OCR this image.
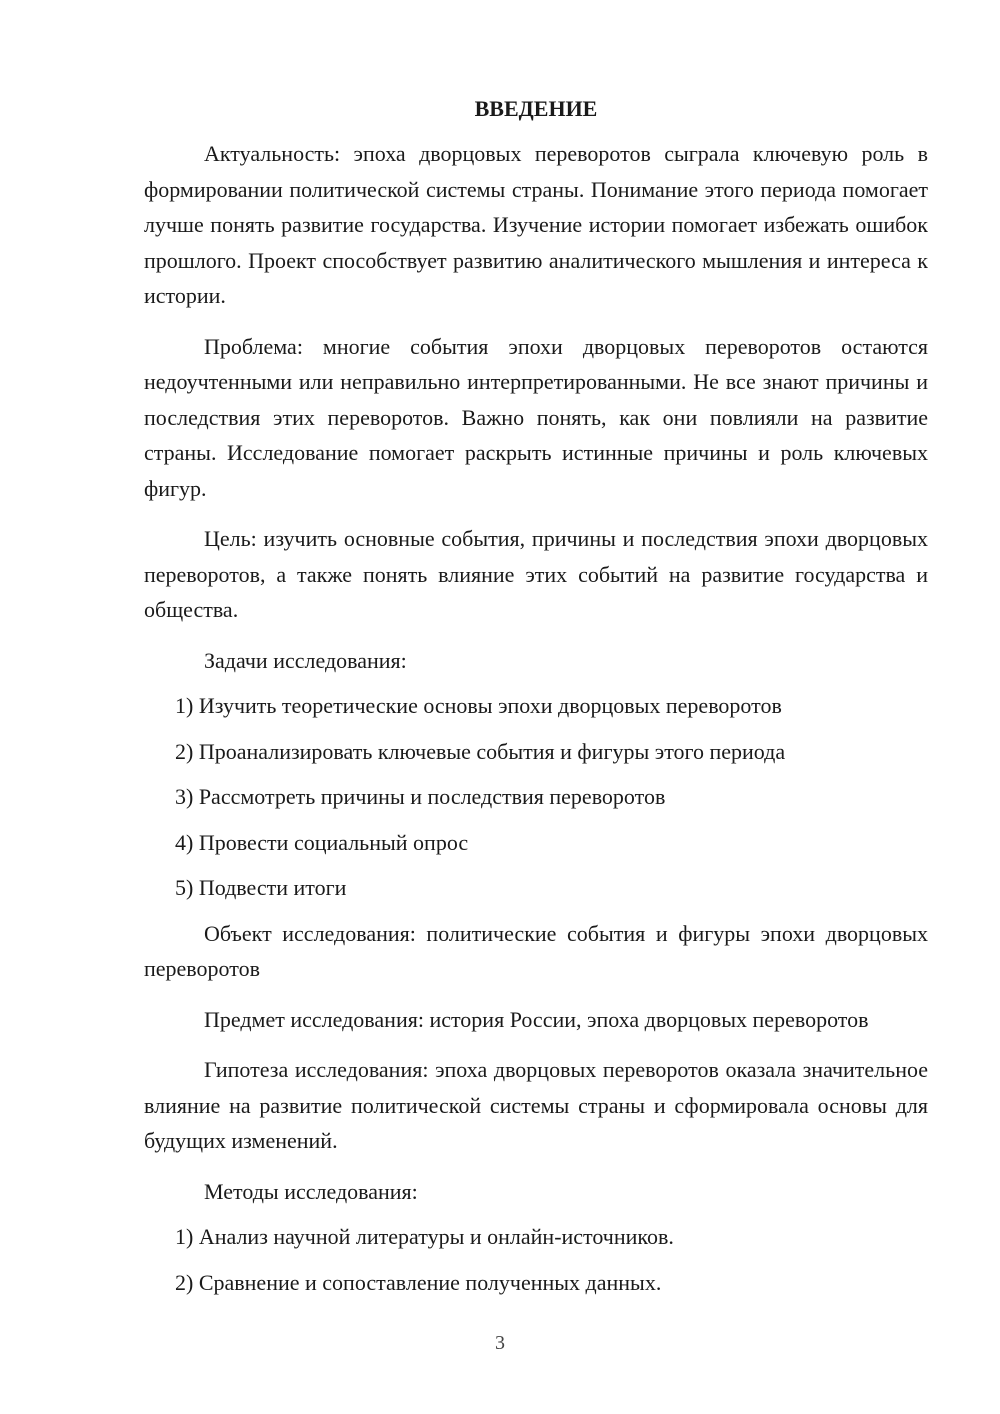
ВВЕДЕНИЕ

Актуальность: эпоха дворцовых переворотов сыграла ключевую роль в формировании политической системы страны. Понимание этого периода помогает лучше понять развитие государства. Изучение истории помогает избежать ошибок прошлого. Проект способствует развитию аналитического мышления и интереса к истории.

Проблема: многие события эпохи дворцовых переворотов остаются недоучтенными или неправильно интерпретированными. Не все знают причины и последствия этих переворотов. Важно понять, как они повлияли на развитие страны. Исследование помогает раскрыть истинные причины и роль ключевых фигур.

Цель: изучить основные события, причины и последствия эпохи дворцовых переворотов, а также понять влияние этих событий на развитие государства и общества.

Задачи исследования:

1) Изучить теоретические основы эпохи дворцовых переворотов
2) Проанализировать ключевые события и фигуры этого периода
3) Рассмотреть причины и последствия переворотов
4) Провести социальный опрос
5) Подвести итоги

Объект исследования: политические события и фигуры эпохи дворцовых переворотов

Предмет исследования: история России, эпоха дворцовых переворотов

Гипотеза исследования: эпоха дворцовых переворотов оказала значительное влияние на развитие политической системы страны и сформировала основы для будущих изменений.

Методы исследования:

1) Анализ научной литературы и онлайн-источников.
2) Сравнение и сопоставление полученных данных.
3
